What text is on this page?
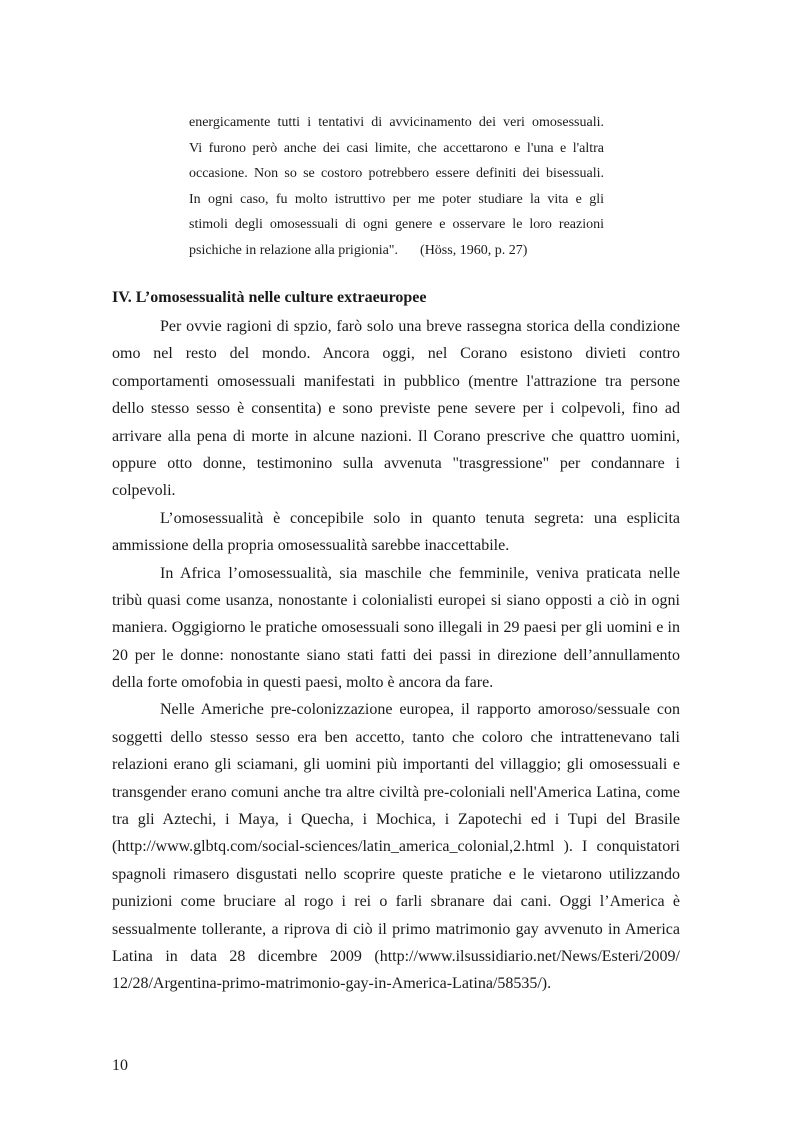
energicamente tutti i tentativi di avvicinamento dei veri omosessuali.
Vi furono però anche dei casi limite, che accettarono e l'una e l'altra
occasione. Non so se costoro potrebbero essere definiti dei bisessuali.
In ogni caso, fu molto istruttivo per me poter studiare la vita e gli
stimoli degli omosessuali di ogni genere e osservare le loro reazioni
psichiche in relazione alla prigionia". (Höss, 1960, p. 27)
IV. L’omosessualità nelle culture extraeuropee

Per ovvie ragioni di spzio, farò solo una breve rassegna storica della condizione
omo nel resto del mondo. Ancora oggi, nel Corano esistono divieti contro
comportamenti omosessuali manifestati in pubblico (mentre l'attrazione tra persone
dello stesso sesso è consentita) e sono previste pene severe per i colpevoli, fino ad
arrivare alla pena di morte in alcune nazioni. Il Corano prescrive che quattro uomini,
oppure otto donne, testimonino sulla avvenuta "trasgressione" per condannare i
colpevoli.

L’omosessualità è concepibile solo in quanto tenuta segreta: una esplicita
ammissione della propria omosessualità sarebbe inaccettabile.

In Africa l’omosessualità, sia maschile che femminile, veniva praticata nelle
tribù quasi come usanza, nonostante i colonialisti europei si siano opposti a ciò in ogni
maniera. Oggigiorno le pratiche omosessuali sono illegali in 29 paesi per gli uomini e in
20 per le donne: nonostante siano stati fatti dei passi in direzione dell’annullamento
della forte omofobia in questi paesi, molto è ancora da fare.

Nelle Americhe pre-colonizzazione europea, il rapporto amoroso/sessuale con
soggetti dello stesso sesso era ben accetto, tanto che coloro che intrattenevano tali
relazioni erano gli sciamani, gli uomini più importanti del villaggio; gli omosessuali e
transgender erano comuni anche tra altre civiltà pre-coloniali nell'America Latina, come
tra gli Aztechi, i Maya, i Quecha, i Mochica, i Zapotechi ed i Tupi del Brasile
(http://www.glbtq.com/social-sciences/latin_america_colonial,2.html ). I conquistatori
spagnoli rimasero disgustati nello scoprire queste pratiche e le vietarono utilizzando
punizioni come bruciare al rogo i rei o farli sbranare dai cani. Oggi l’America è
sessualmente tollerante, a riprova di ciò il primo matrimonio gay avvenuto in America
Latina in data 28 dicembre 2009 (http://www.ilsussidiario.net/News/Esteri/2009/
12/28/Argentina-primo-matrimonio-gay-in-America-Latina/58535/).

10
